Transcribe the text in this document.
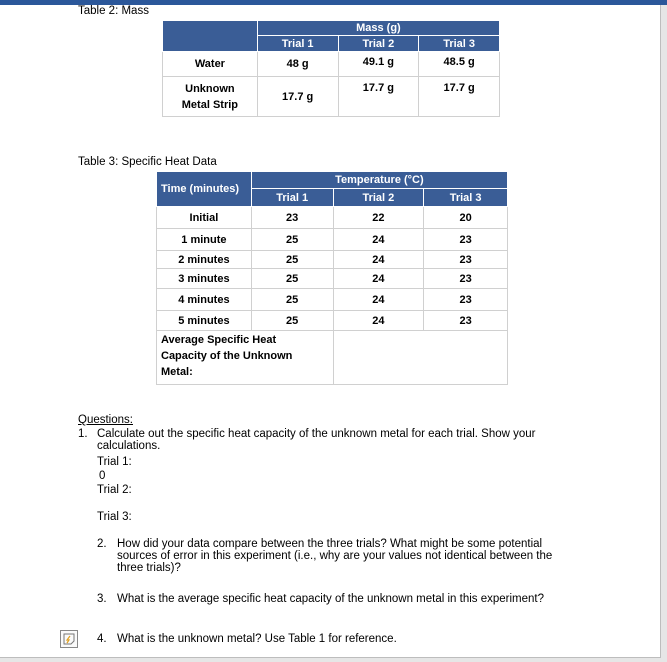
Table 2: Mass
	Mass (g)		
	Trial 1	Trial 2	Trial 3
Water	48 g	49.1 g	48.5 g

Unknown
Metal Strip	17.7 g	17.7 g	17.7 g
Table 3: Specific Heat Data
Time (minutes)	Temperature (°C)		
	Trial 1	Trial 2	Trial 3
Initial	23	22	20
1 minute	25	24	23
2 minutes	25	24	23
3 minutes	25	24	23
4 minutes	25	24	23
5 minutes	25	24	23

Average Specific Heat
Capacity of the Unknown
Metal:			

Questions:
1. Calculate out the specific heat capacity of the unknown metal for each trial. Show your
calculations.
Trial 1:
0
Trial 2:
Trial 3:
2. How did your data compare between the three trials? What might be some potential
sources of error in this experiment (i.e., why are your values not identical between the
three trials)?
3. What is the average specific heat capacity of the unknown metal in this experiment?
4. What is the unknown metal? Use Table 1 for reference.
